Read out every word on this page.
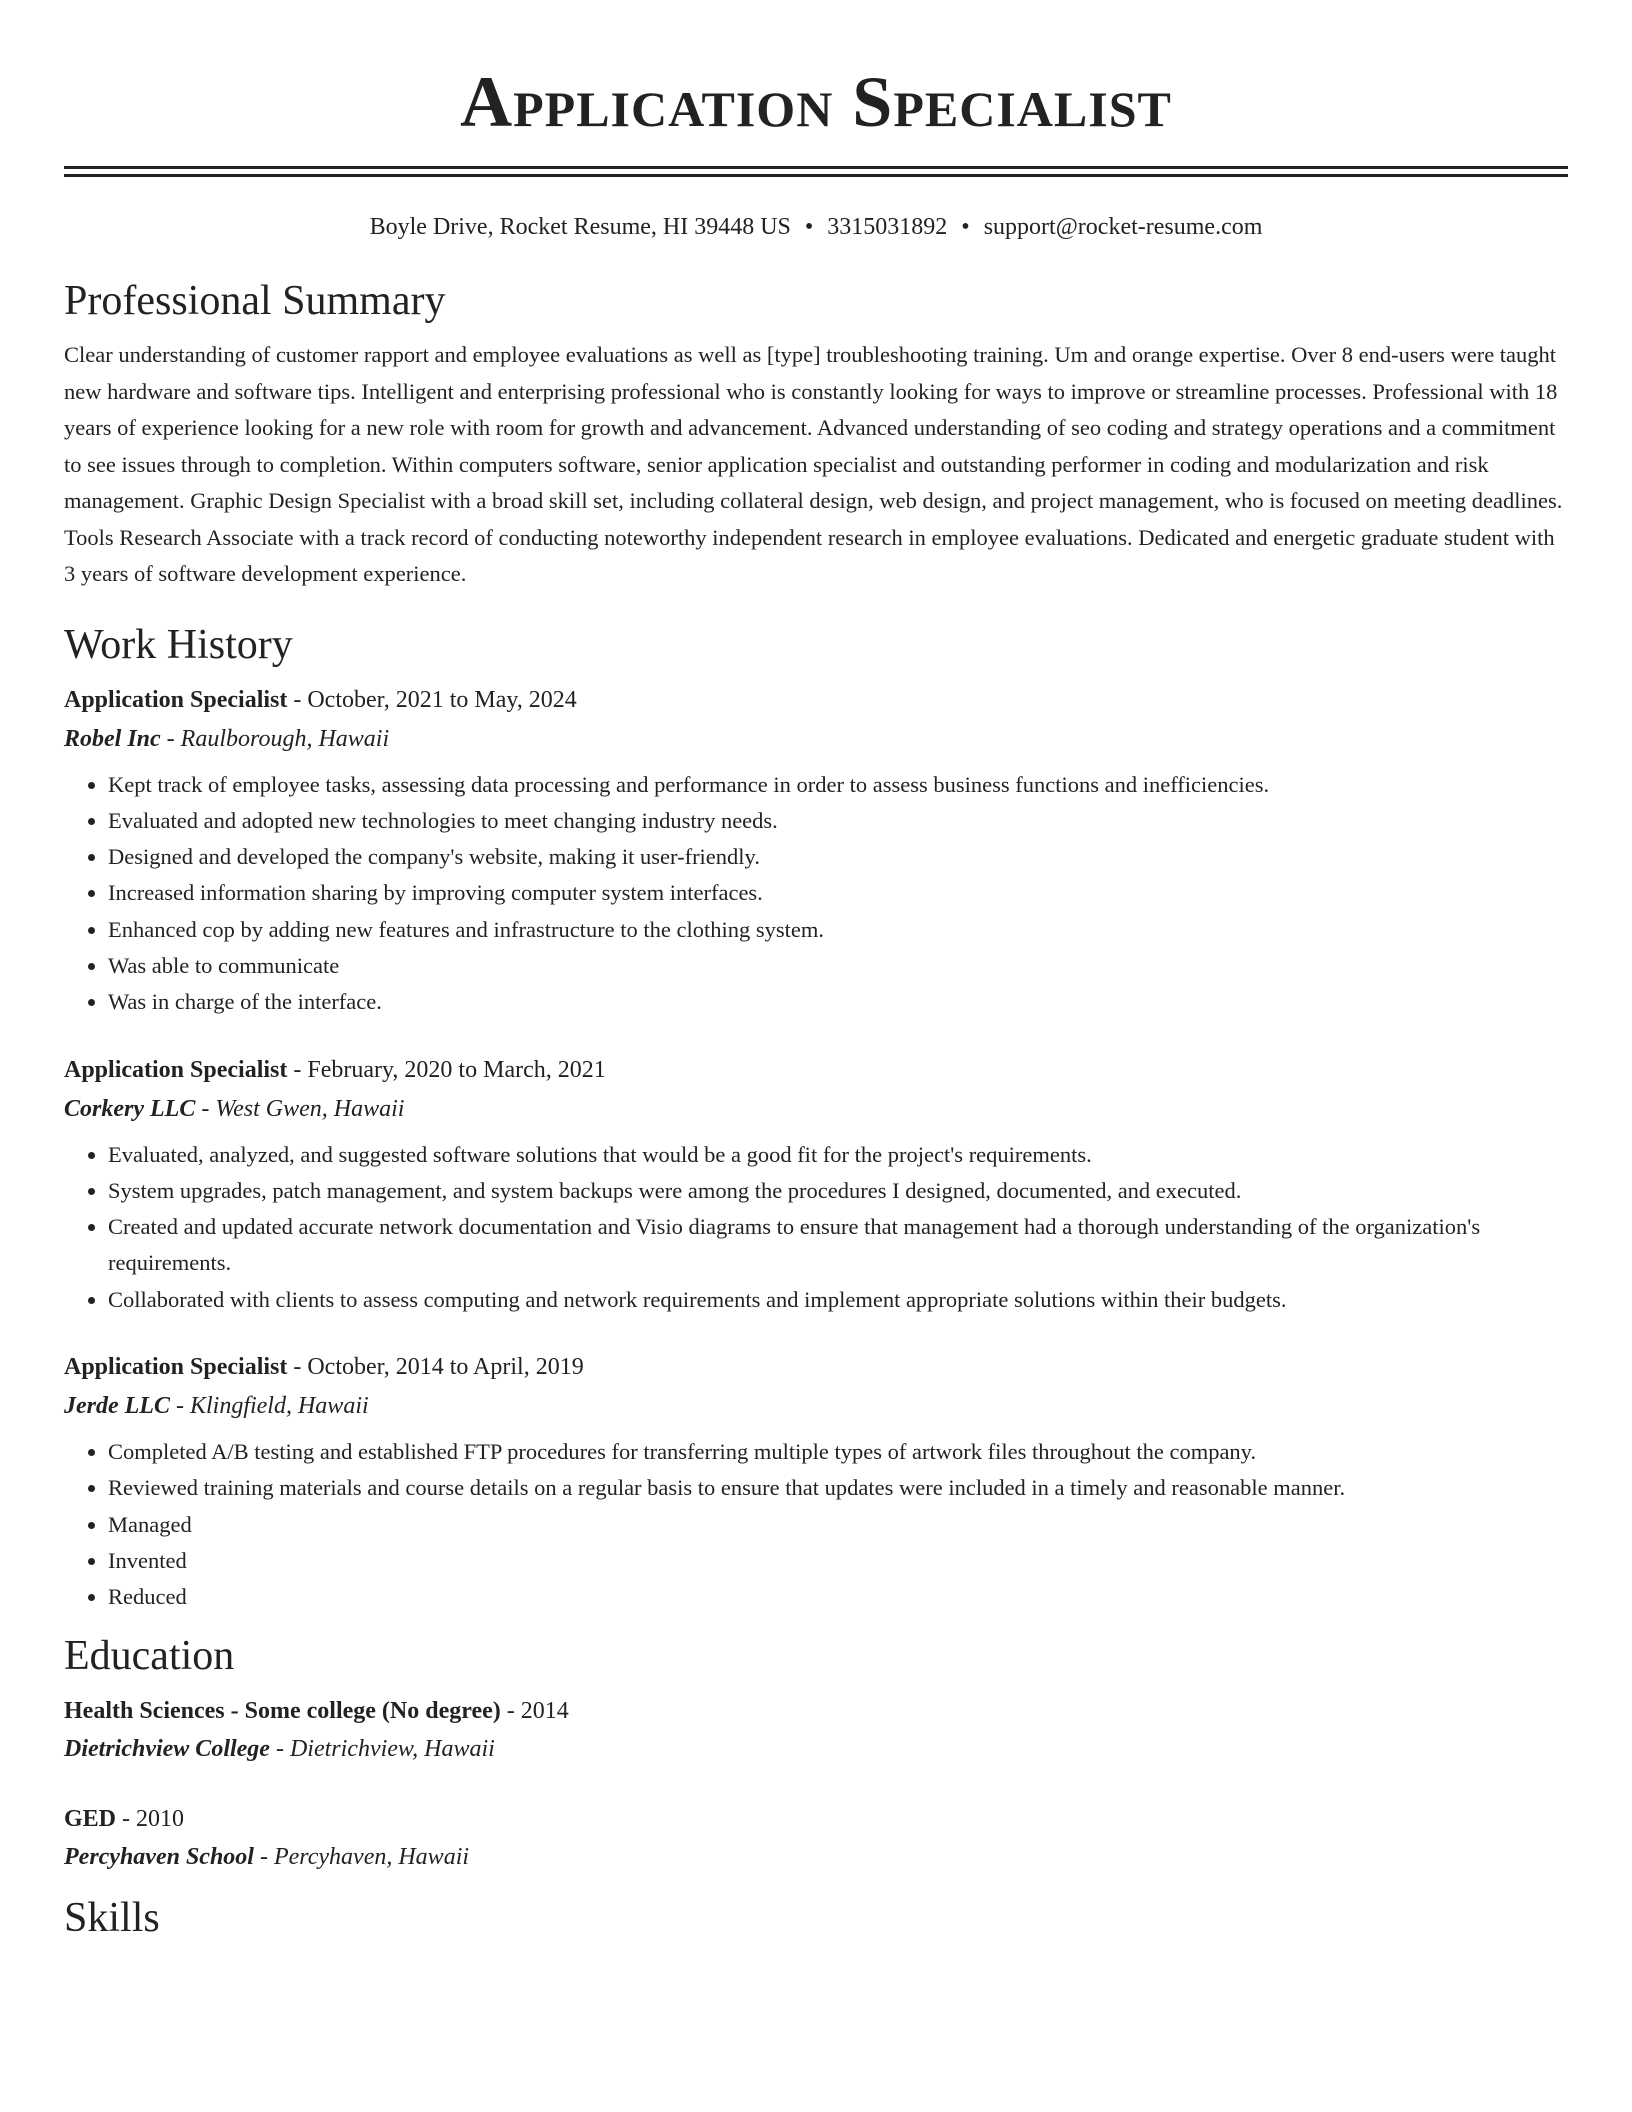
Application Specialist
Boyle Drive, Rocket Resume, HI 39448 US • 3315031892 • support@rocket-resume.com
Professional Summary

Clear understanding of customer rapport and employee evaluations as well as [type] troubleshooting training. Um and orange expertise. Over 8 end-users were taught new hardware and software tips. Intelligent and enterprising professional who is constantly looking for ways to improve or streamline processes. Professional with 18 years of experience looking for a new role with room for growth and advancement. Advanced understanding of seo coding and strategy operations and a commitment to see issues through to completion. Within computers software, senior application specialist and outstanding performer in coding and modularization and risk management. Graphic Design Specialist with a broad skill set, including collateral design, web design, and project management, who is focused on meeting deadlines. Tools Research Associate with a track record of conducting noteworthy independent research in employee evaluations. Dedicated and energetic graduate student with 3 years of software development experience.

Work History
Application Specialist - October, 2021 to May, 2024
Robel Inc - Raulborough, Hawaii
• Kept track of employee tasks, assessing data processing and performance in order to assess business functions and inefficiencies.
• Evaluated and adopted new technologies to meet changing industry needs.
• Designed and developed the company's website, making it user-friendly.
• Increased information sharing by improving computer system interfaces.
• Enhanced cop by adding new features and infrastructure to the clothing system.
• Was able to communicate
• Was in charge of the interface.
Application Specialist - February, 2020 to March, 2021
Corkery LLC - West Gwen, Hawaii
• Evaluated, analyzed, and suggested software solutions that would be a good fit for the project's requirements.
• System upgrades, patch management, and system backups were among the procedures I designed, documented, and executed.
• Created and updated accurate network documentation and Visio diagrams to ensure that management had a thorough understanding of the organization's requirements.
• Collaborated with clients to assess computing and network requirements and implement appropriate solutions within their budgets.
Application Specialist - October, 2014 to April, 2019
Jerde LLC - Klingfield, Hawaii
• Completed A/B testing and established FTP procedures for transferring multiple types of artwork files throughout the company.
• Reviewed training materials and course details on a regular basis to ensure that updates were included in a timely and reasonable manner.
• Managed
• Invented
• Reduced
Education
Health Sciences - Some college (No degree) - 2014
Dietrichview College - Dietrichview, Hawaii
GED - 2010
Percyhaven School - Percyhaven, Hawaii
Skills
